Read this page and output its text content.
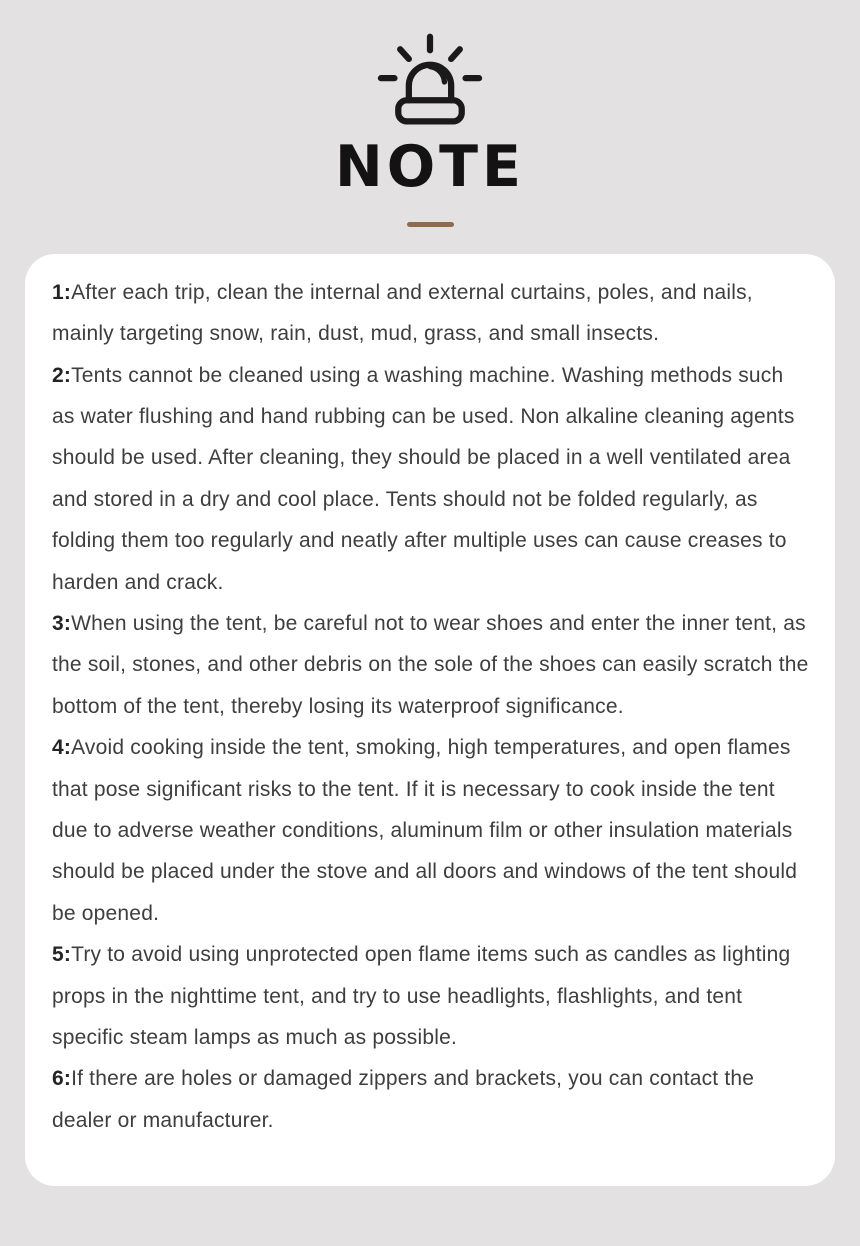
NOTE

1:After each trip, clean the internal and external curtains, poles, and nails, mainly targeting snow, rain, dust, mud, grass, and small insects.

2:Tents cannot be cleaned using a washing machine. Washing methods such as water flushing and hand rubbing can be used. Non alkaline cleaning agents should be used. After cleaning, they should be placed in a well ventilated area and stored in a dry and cool place. Tents should not be folded regularly, as folding them too regularly and neatly after multiple uses can cause creases to harden and crack.

3:When using the tent, be careful not to wear shoes and enter the inner tent, as the soil, stones, and other debris on the sole of the shoes can easily scratch the bottom of the tent, thereby losing its waterproof significance.

4:Avoid cooking inside the tent, smoking, high temperatures, and open flames that pose significant risks to the tent. If it is necessary to cook inside the tent due to adverse weather conditions, aluminum film or other insulation materials should be placed under the stove and all doors and windows of the tent should be opened.

5:Try to avoid using unprotected open flame items such as candles as lighting props in the nighttime tent, and try to use headlights, flashlights, and tent specific steam lamps as much as possible.

6:If there are holes or damaged zippers and brackets, you can contact the dealer or manufacturer.
